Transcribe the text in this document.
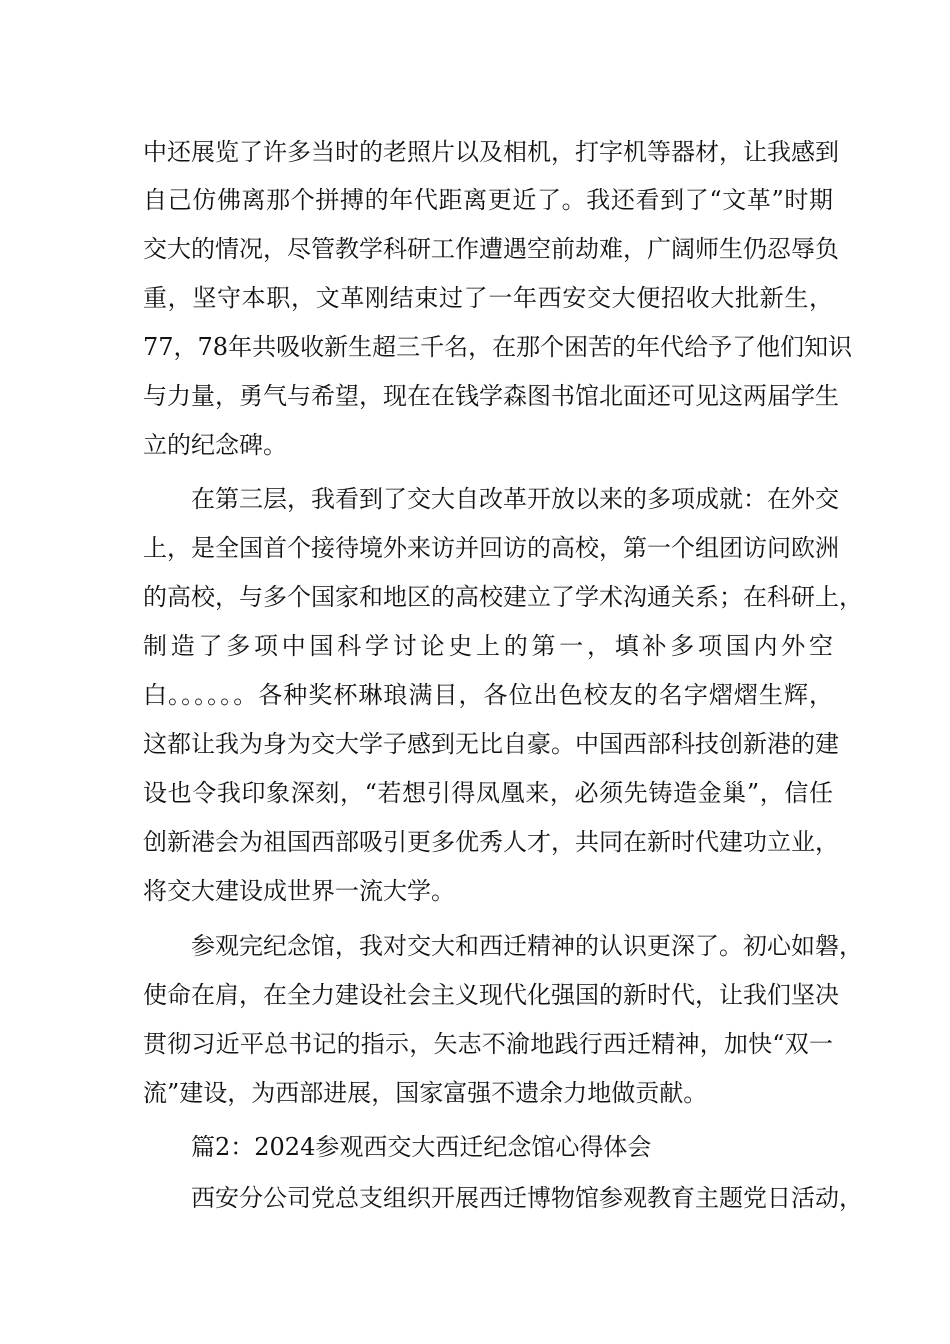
中还展览了许多当时的老照片以及相机，打字机等器材，让我感到
自己仿佛离那个拼搏的年代距离更近了。我还看到了“文革”时期
交大的情况，尽管教学科研工作遭遇空前劫难，广阔师生仍忍辱负
重，坚守本职，文革刚结束过了一年西安交大便招收大批新生，
77，78年共吸收新生超三千名，在那个困苦的年代给予了他们知识
与力量，勇气与希望，现在在钱学森图书馆北面还可见这两届学生
立的纪念碑。
在第三层，我看到了交大自改革开放以来的多项成就：在外交
上，是全国首个接待境外来访并回访的高校，第一个组团访问欧洲
的高校，与多个国家和地区的高校建立了学术沟通关系；在科研上，
制造了多项中国科学讨论史上的第一，填补多项国内外空
白。。。。。。各种奖杯琳琅满目，各位出色校友的名字熠熠生辉，
这都让我为身为交大学子感到无比自豪。中国西部科技创新港的建
设也令我印象深刻，“若想引得凤凰来，必须先铸造金巢”，信任
创新港会为祖国西部吸引更多优秀人才，共同在新时代建功立业，
将交大建设成世界一流大学。
参观完纪念馆，我对交大和西迁精神的认识更深了。初心如磐，
使命在肩，在全力建设社会主义现代化强国的新时代，让我们坚决
贯彻习近平总书记的指示，矢志不渝地践行西迁精神，加快“双一
流”建设，为西部进展，国家富强不遗余力地做贡献。
篇2：2024参观西交大西迁纪念馆心得体会
西安分公司党总支组织开展西迁博物馆参观教育主题党日活动，
